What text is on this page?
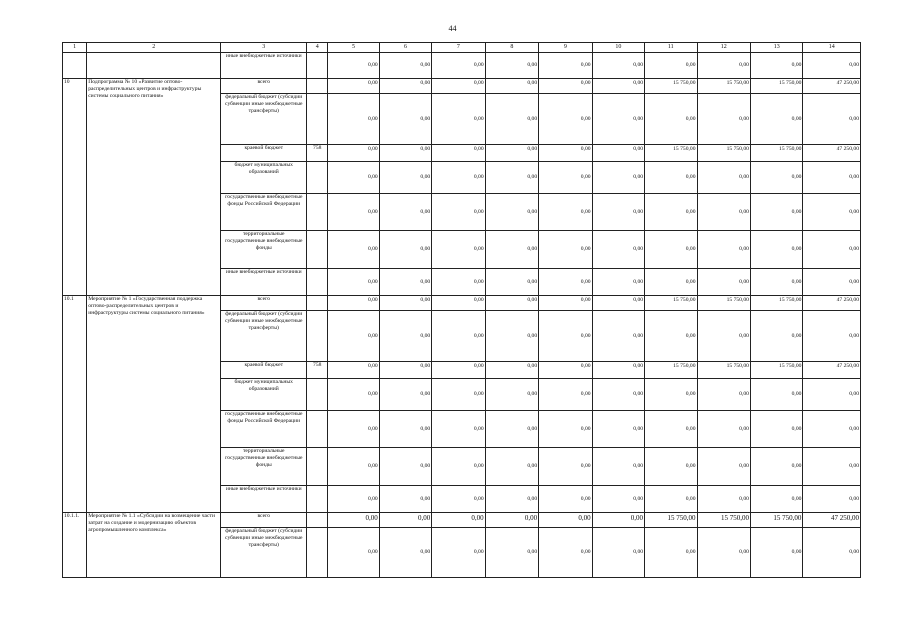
44
1	2	3	4	5	6	7	8	9	10	11	12	13	14
		иные внебюджетные источники		0,00	0,00	0,00	0,00	0,00	0,00	0,00	0,00	0,00	0,00
10	Подпрограмма № 10 «Развитие оптово-распределительных центров и инфраструктуры системы социального питания»	всего		0,00	0,00	0,00	0,00	0,00	0,00	15 750,00	15 750,00	15 750,00	47 250,00
		федеральный бюджет (субсидии субвенции иные межбюджетные трансферты)		0,00	0,00	0,00	0,00	0,00	0,00	0,00	0,00	0,00	0,00
		краевой бюджет	758	0,00	0,00	0,00	0,00	0,00	0,00	15 750,00	15 750,00	15 750,00	47 250,00
		бюджет муниципальных образований		0,00	0,00	0,00	0,00	0,00	0,00	0,00	0,00	0,00	0,00
		государственные внебюджетные фонды Российской Федерации		0,00	0,00	0,00	0,00	0,00	0,00	0,00	0,00	0,00	0,00
		территориальные государственные внебюджетные фонды		0,00	0,00	0,00	0,00	0,00	0,00	0,00	0,00	0,00	0,00
		иные внебюджетные источники		0,00	0,00	0,00	0,00	0,00	0,00	0,00	0,00	0,00	0,00
10.1	Мероприятие № 1 «Государственная поддержка оптово-распределительных центров и инфраструктуры системы социального питания»	всего		0,00	0,00	0,00	0,00	0,00	0,00	15 750,00	15 750,00	15 750,00	47 250,00
		федеральный бюджет (субсидии субвенции иные межбюджетные трансферты)		0,00	0,00	0,00	0,00	0,00	0,00	0,00	0,00	0,00	0,00
		краевой бюджет	758	0,00	0,00	0,00	0,00	0,00	0,00	15 750,00	15 750,00	15 750,00	47 250,00
		бюджет муниципальных образований		0,00	0,00	0,00	0,00	0,00	0,00	0,00	0,00	0,00	0,00
		государственные внебюджетные фонды Российской Федерации		0,00	0,00	0,00	0,00	0,00	0,00	0,00	0,00	0,00	0,00
		территориальные государственные внебюджетные фонды		0,00	0,00	0,00	0,00	0,00	0,00	0,00	0,00	0,00	0,00
		иные внебюджетные источники		0,00	0,00	0,00	0,00	0,00	0,00	0,00	0,00	0,00	0,00
10.1.1.	Мероприятие № 1.1 «Субсидии на возмещение части затрат на создание и модернизацию объектов агропромышленного комплекса»	всего		0,00	0,00	0,00	0,00	0,00	0,00	15 750,00	15 750,00	15 750,00	47 250,00
		федеральный бюджет (субсидии субвенции иные межбюджетные трансферты)		0,00	0,00	0,00	0,00	0,00	0,00	0,00	0,00	0,00	0,00
